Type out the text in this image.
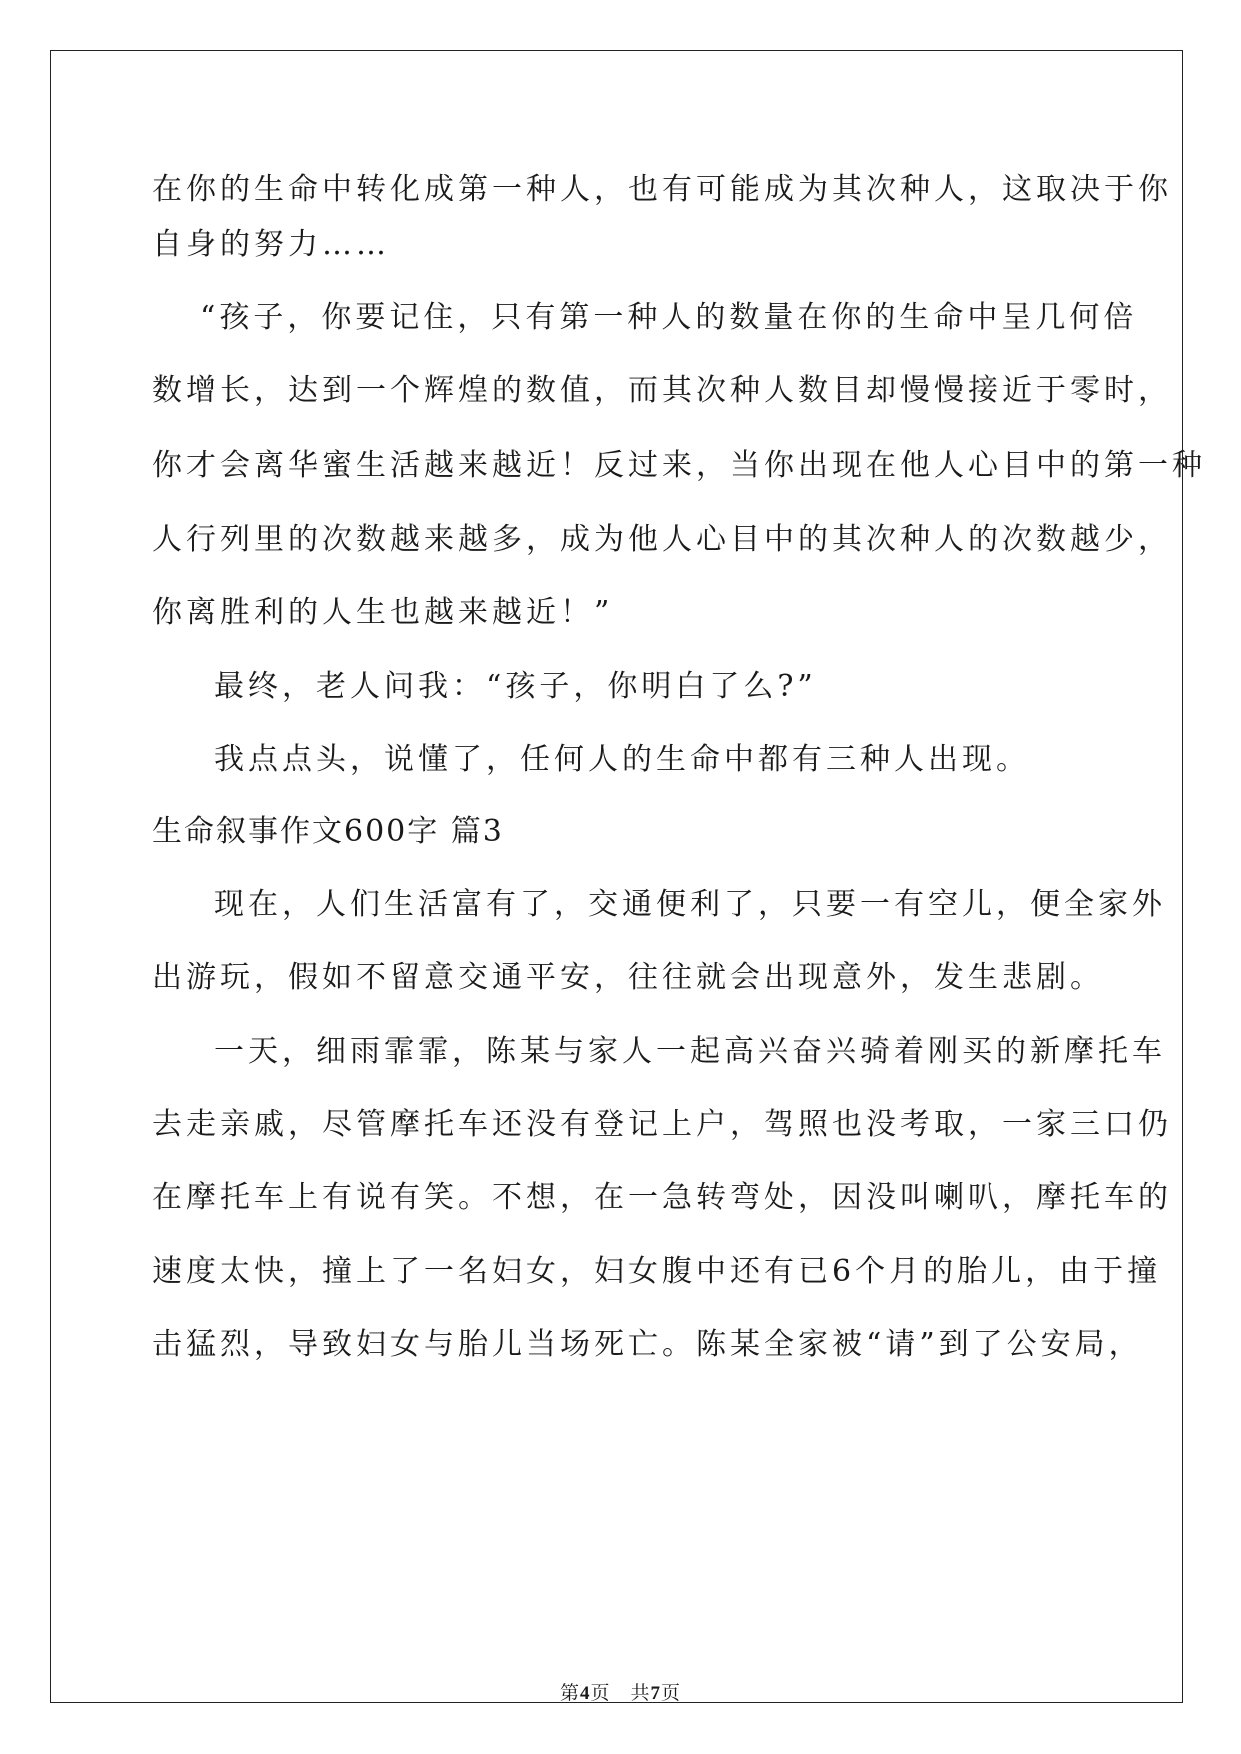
在你的生命中转化成第一种人，也有可能成为其次种人，这取决于你

自身的努力……

“孩子，你要记住，只有第一种人的数量在你的生命中呈几何倍

数增长，达到一个辉煌的数值，而其次种人数目却慢慢接近于零时，

你才会离华蜜生活越来越近！反过来，当你出现在他人心目中的第一种

人行列里的次数越来越多，成为他人心目中的其次种人的次数越少，

你离胜利的人生也越来越近！”

最终，老人问我：“孩子，你明白了么?”

我点点头，说懂了，任何人的生命中都有三种人出现。

生命叙事作文600字 篇3

现在，人们生活富有了，交通便利了，只要一有空儿，便全家外

出游玩，假如不留意交通平安，往往就会出现意外，发生悲剧。

一天，细雨霏霏，陈某与家人一起高兴奋兴骑着刚买的新摩托车

去走亲戚，尽管摩托车还没有登记上户，驾照也没考取，一家三口仍

在摩托车上有说有笑。不想，在一急转弯处，因没叫喇叭，摩托车的

速度太快，撞上了一名妇女，妇女腹中还有已6个月的胎儿，由于撞

击猛烈，导致妇女与胎儿当场死亡。陈某全家被“请”到了公安局，

第4页 共7页
